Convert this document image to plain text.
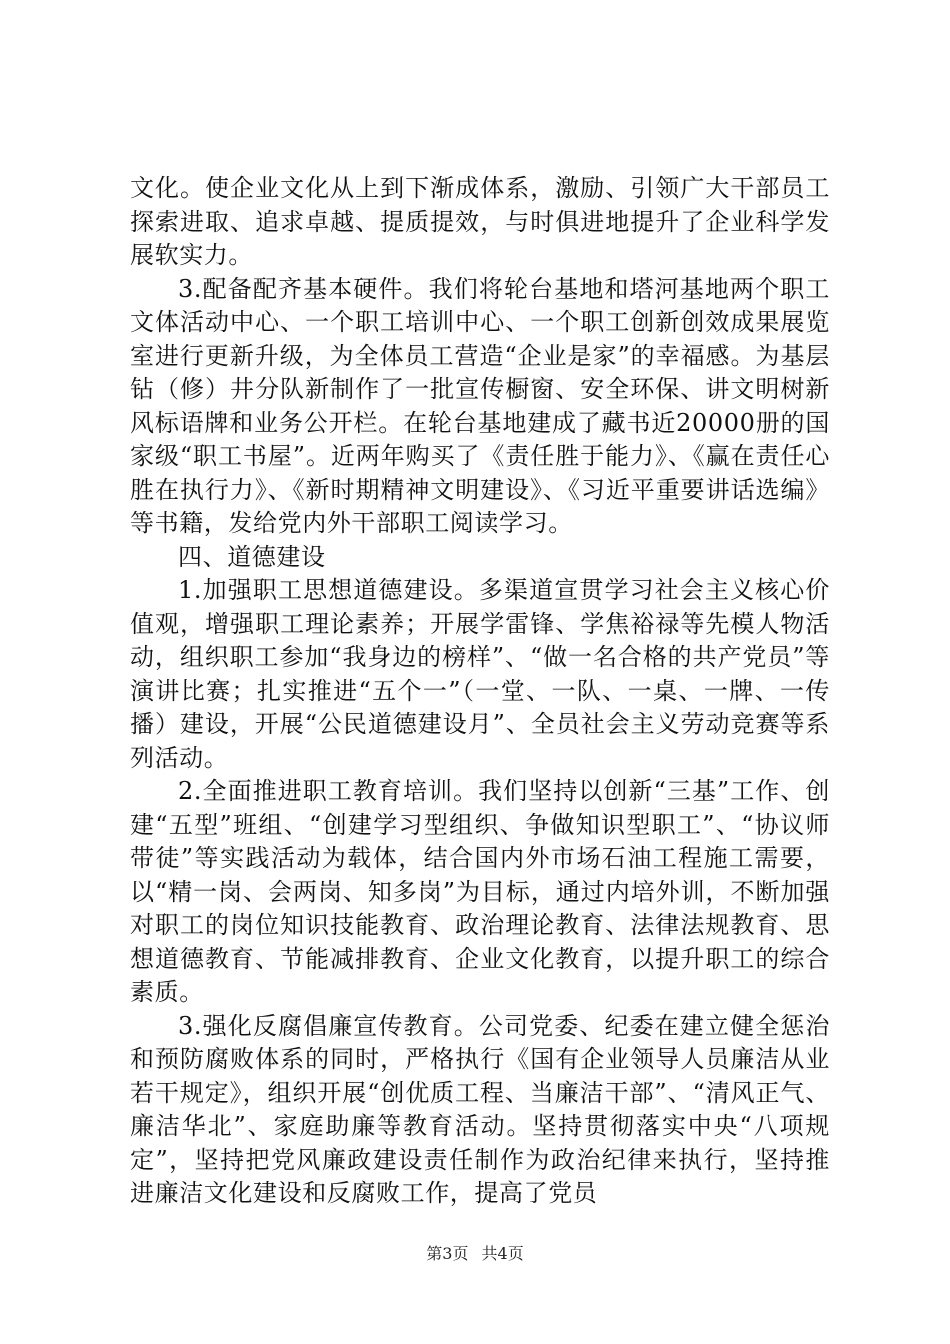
文化。使企业文化从上到下渐成体系，激励、引领广大干部员工探索进取、追求卓越、提质提效，与时俱进地提升了企业科学发展软实力。

3.配备配齐基本硬件。我们将轮台基地和塔河基地两个职工文体活动中心、一个职工培训中心、一个职工创新创效成果展览室进行更新升级，为全体员工营造“企业是家”的幸福感。为基层钻（修）井分队新制作了一批宣传橱窗、安全环保、讲文明树新风标语牌和业务公开栏。在轮台基地建成了藏书近20000册的国家级“职工书屋”。近两年购买了《责任胜于能力》、《赢在责任心胜在执行力》、《新时期精神文明建设》、《习近平重要讲话选编》等书籍，发给党内外干部职工阅读学习。

四、道德建设

1.加强职工思想道德建设。多渠道宣贯学习社会主义核心价值观，增强职工理论素养；开展学雷锋、学焦裕禄等先模人物活动，组织职工参加“我身边的榜样”、“做一名合格的共产党员”等演讲比赛；扎实推进“五个一”（一堂、一队、一桌、一牌、一传播）建设，开展“公民道德建设月”、全员社会主义劳动竞赛等系列活动。

2.全面推进职工教育培训。我们坚持以创新“三基”工作、创建“五型”班组、“创建学习型组织、争做知识型职工”、“协议师带徒”等实践活动为载体，结合国内外市场石油工程施工需要，以“精一岗、会两岗、知多岗”为目标，通过内培外训，不断加强对职工的岗位知识技能教育、政治理论教育、法律法规教育、思想道德教育、节能减排教育、企业文化教育，以提升职工的综合素质。

3.强化反腐倡廉宣传教育。公司党委、纪委在建立健全惩治和预防腐败体系的同时，严格执行《国有企业领导人员廉洁从业若干规定》，组织开展“创优质工程、当廉洁干部”、“清风正气、廉洁华北”、家庭助廉等教育活动。坚持贯彻落实中央“八项规定”，坚持把党风廉政建设责任制作为政治纪律来执行，坚持推进廉洁文化建设和反腐败工作，提高了党员

第3页 共4页
